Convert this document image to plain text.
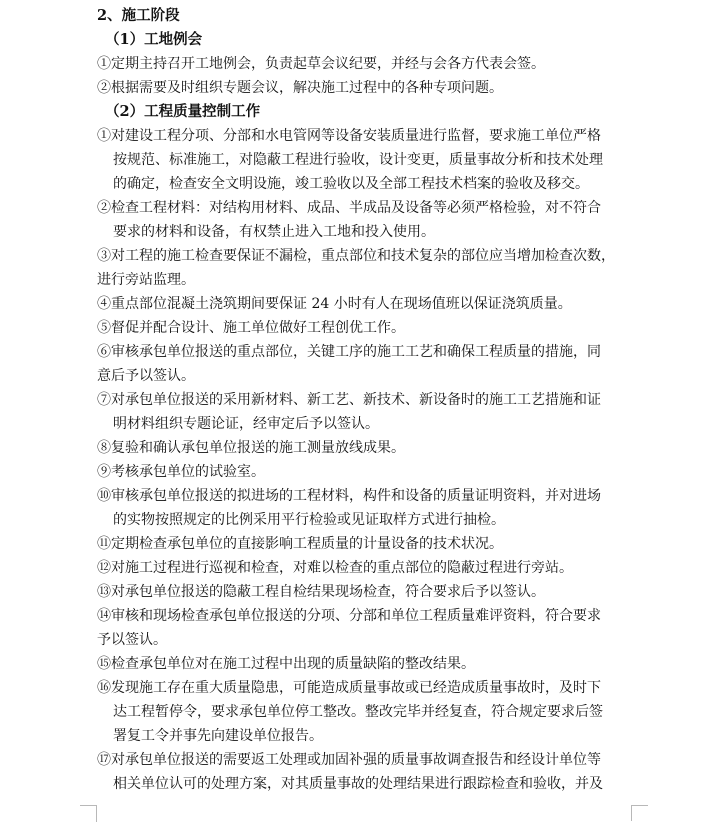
2、施工阶段
（1）工地例会
①定期主持召开工地例会，负责起草会议纪要，并经与会各方代表会签。
②根据需要及时组织专题会议，解决施工过程中的各种专项问题。
（2）工程质量控制工作
①对建设工程分项、分部和水电管网等设备安装质量进行监督，要求施工单位严格
按规范、标准施工，对隐蔽工程进行验收，设计变更，质量事故分析和技术处理
的确定，检查安全文明设施，竣工验收以及全部工程技术档案的验收及移交。
②检查工程材料：对结构用材料、成品、半成品及设备等必须严格检验，对不符合
要求的材料和设备，有权禁止进入工地和投入使用。
③对工程的施工检查要保证不漏检，重点部位和技术复杂的部位应当增加检查次数，
进行旁站监理。
④重点部位混凝土浇筑期间要保证 24 小时有人在现场值班以保证浇筑质量。
⑤督促并配合设计、施工单位做好工程创优工作。
⑥审核承包单位报送的重点部位，关键工序的施工工艺和确保工程质量的措施，同
意后予以签认。
⑦对承包单位报送的采用新材料、新工艺、新技术、新设备时的施工工艺措施和证
明材料组织专题论证，经审定后予以签认。
⑧复验和确认承包单位报送的施工测量放线成果。
⑨考核承包单位的试验室。
⑩审核承包单位报送的拟进场的工程材料，构件和设备的质量证明资料，并对进场
的实物按照规定的比例采用平行检验或见证取样方式进行抽检。
⑪定期检查承包单位的直接影响工程质量的计量设备的技术状况。
⑫对施工过程进行巡视和检查，对难以检查的重点部位的隐蔽过程进行旁站。
⑬对承包单位报送的隐蔽工程自检结果现场检查，符合要求后予以签认。
⑭审核和现场检查承包单位报送的分项、分部和单位工程质量难评资料，符合要求
予以签认。
⑮检查承包单位对在施工过程中出现的质量缺陷的整改结果。
⑯发现施工存在重大质量隐患，可能造成质量事故或已经造成质量事故时，及时下
达工程暂停令，要求承包单位停工整改。整改完毕并经复查，符合规定要求后签
署复工令并事先向建设单位报告。
⑰对承包单位报送的需要返工处理或加固补强的质量事故调查报告和经设计单位等
相关单位认可的处理方案，对其质量事故的处理结果进行跟踪检查和验收，并及
